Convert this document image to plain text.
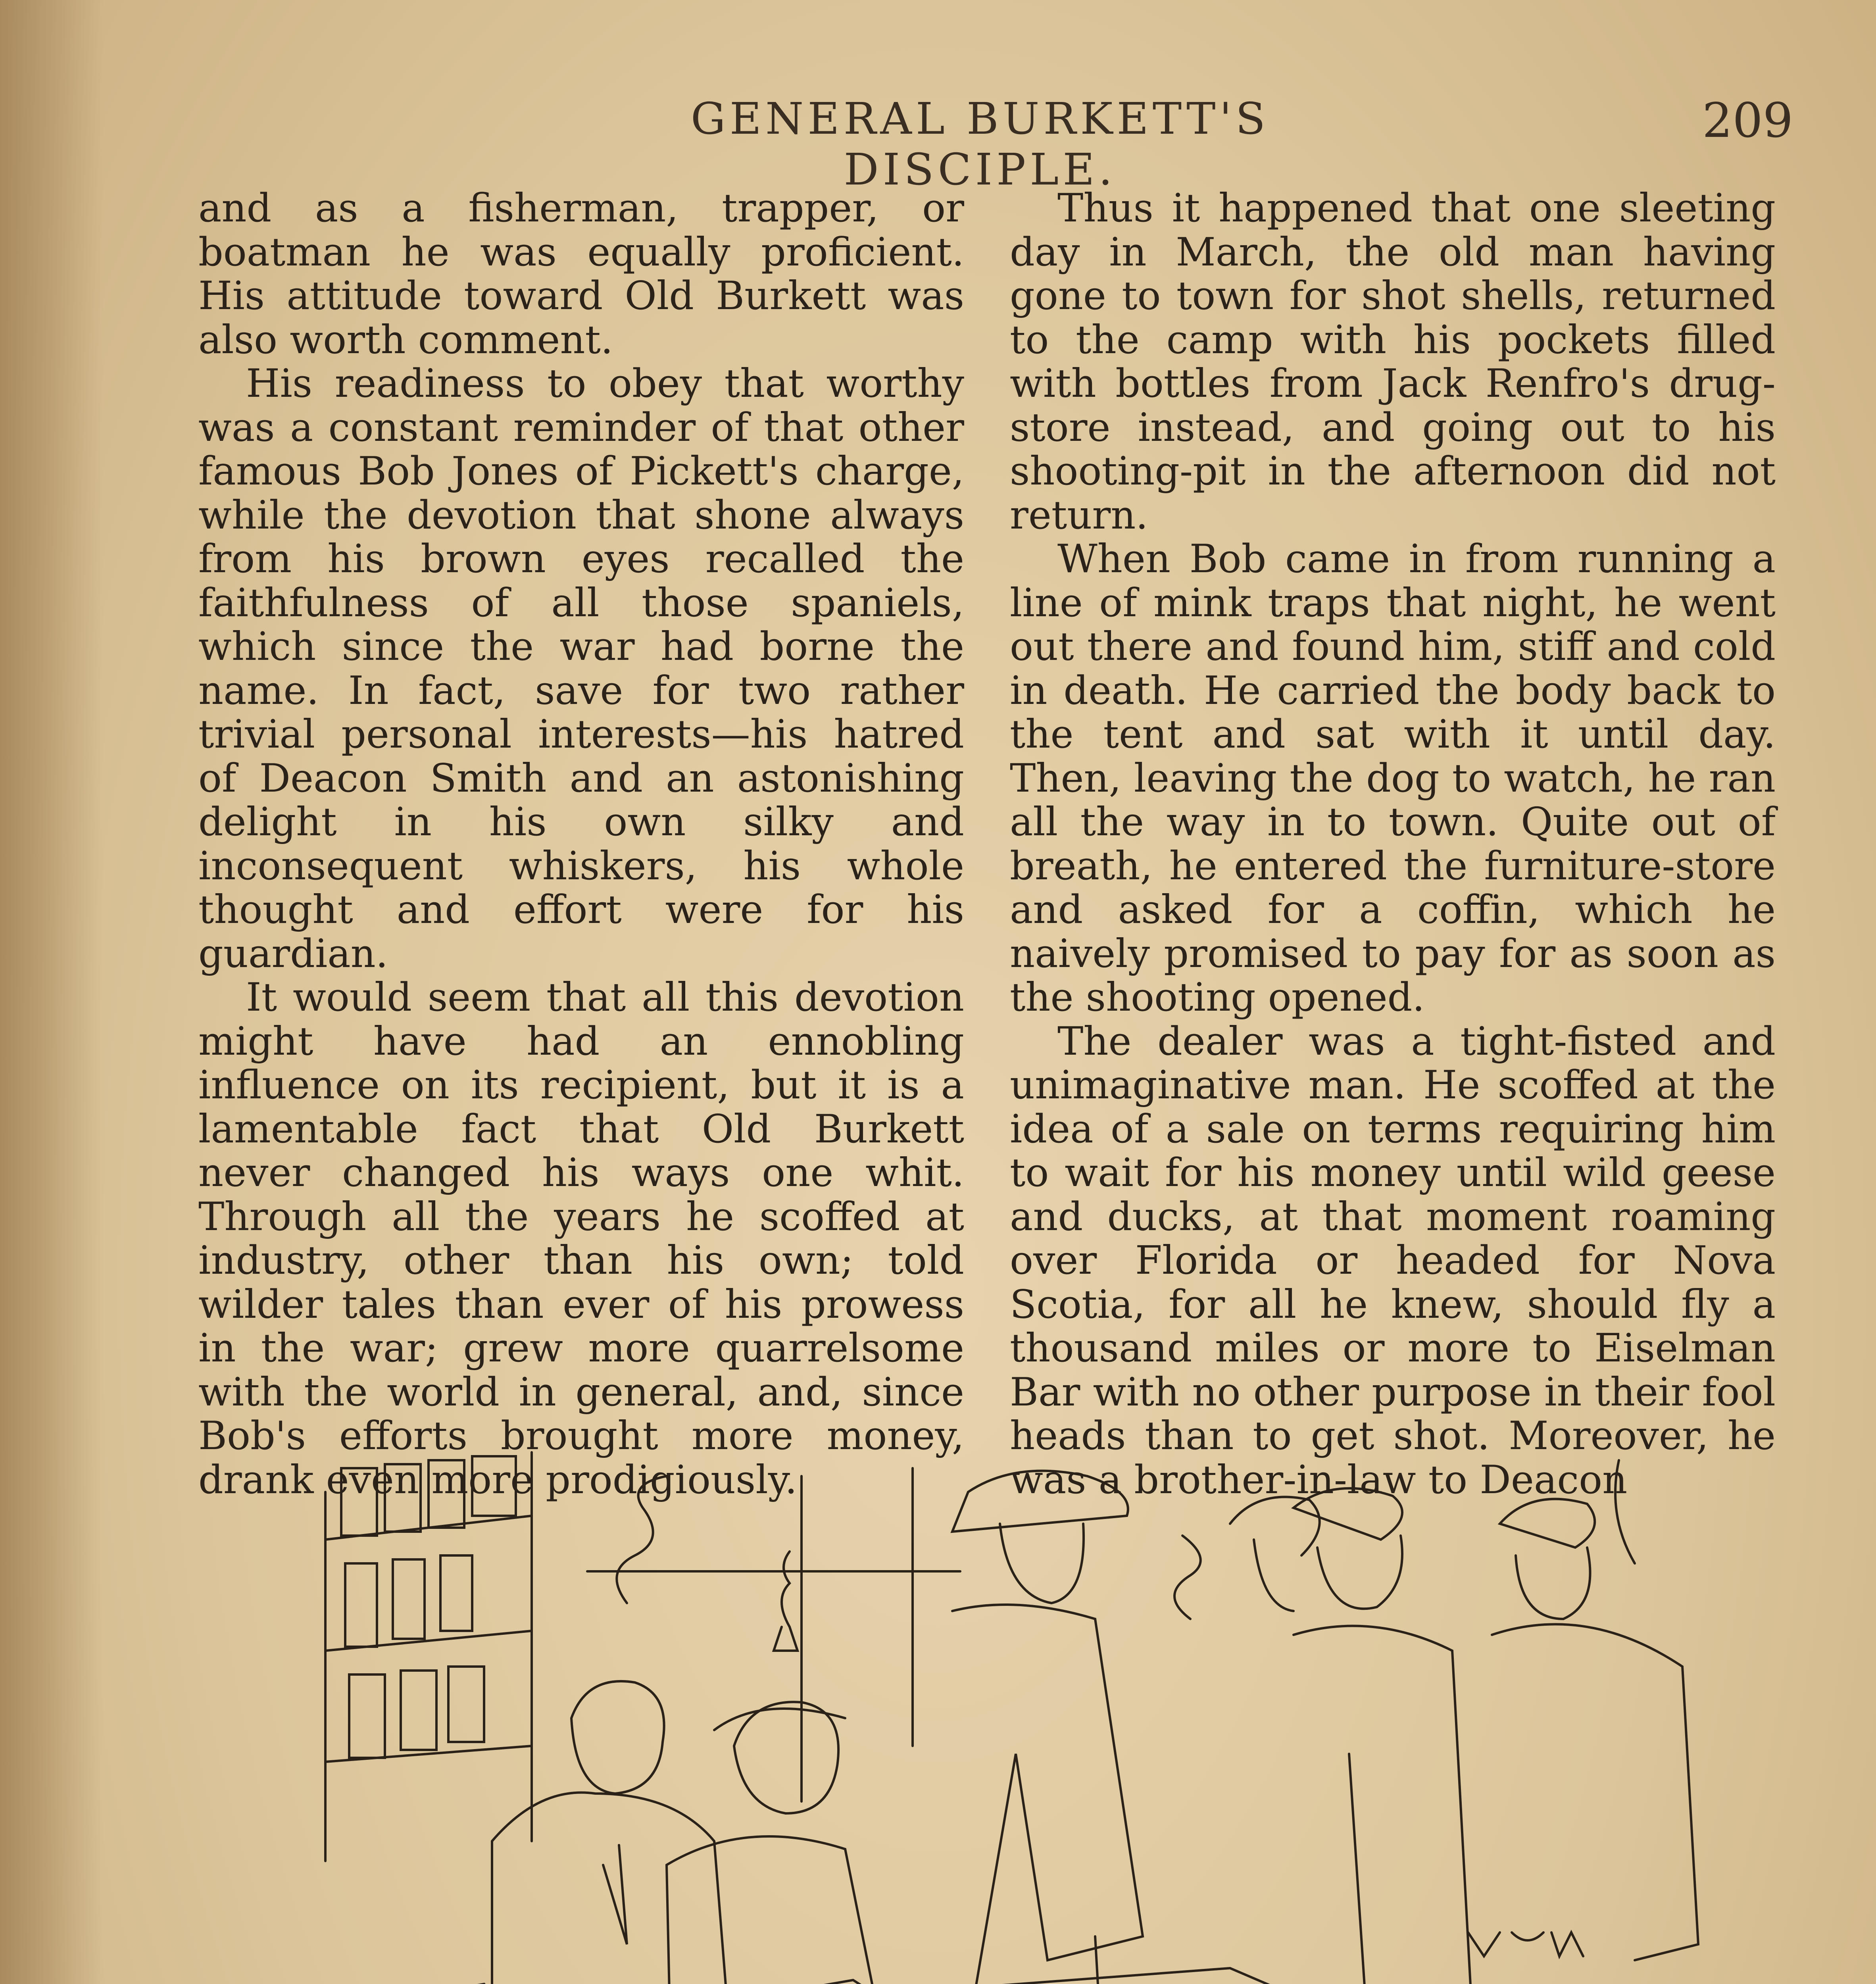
GENERAL BURKETT'S DISCIPLE.
209

and as a fisherman, trapper, or boatman he was equally proficient. His attitude toward Old Burkett was also worth comment.

His readiness to obey that worthy was a constant reminder of that other famous Bob Jones of Pickett's charge, while the devotion that shone always from his brown eyes recalled the faithfulness of all those spaniels, which since the war had borne the name. In fact, save for two rather trivial personal interests—his hatred of Deacon Smith and an astonishing delight in his own silky and inconsequent whiskers, his whole thought and effort were for his guardian.

It would seem that all this devotion might have had an ennobling influence on its recipient, but it is a lamentable fact that Old Burkett never changed his ways one whit. Through all the years he scoffed at industry, other than his own; told wilder tales than ever of his prowess in the war; grew more quarrelsome with the world in general, and, since Bob's efforts brought more money, drank even more prodigiously.

Thus it happened that one sleeting day in March, the old man having gone to town for shot shells, returned to the camp with his pockets filled with bottles from Jack Renfro's drug-store instead, and going out to his shooting-pit in the afternoon did not return.

When Bob came in from running a line of mink traps that night, he went out there and found him, stiff and cold in death. He carried the body back to the tent and sat with it until day. Then, leaving the dog to watch, he ran all the way in to town. Quite out of breath, he entered the furniture-store and asked for a coffin, which he naively promised to pay for as soon as the shooting opened.

The dealer was a tight-fisted and unimaginative man. He scoffed at the idea of a sale on terms requiring him to wait for his money until wild geese and ducks, at that moment roaming over Florida or headed for Nova Scotia, for all he knew, should fly a thousand miles or more to Eiselman Bar with no other purpose in their fool heads than to get shot. Moreover, he was a brother-in-law to Deacon
